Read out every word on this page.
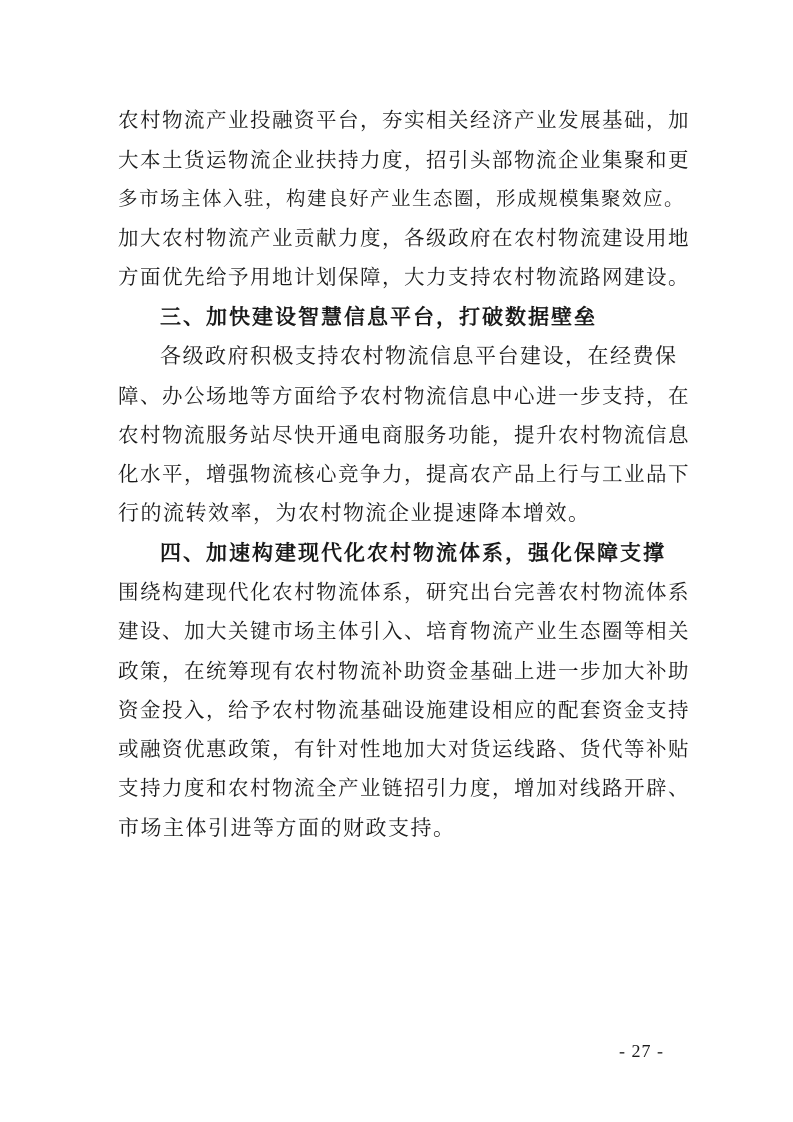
农村物流产业投融资平台，夯实相关经济产业发展基础，加
大本土货运物流企业扶持力度，招引头部物流企业集聚和更
多市场主体入驻，构建良好产业生态圈，形成规模集聚效应。
加大农村物流产业贡献力度，各级政府在农村物流建设用地
方面优先给予用地计划保障，大力支持农村物流路网建设。
三、加快建设智慧信息平台，打破数据壁垒
各级政府积极支持农村物流信息平台建设，在经费保
障、办公场地等方面给予农村物流信息中心进一步支持，在
农村物流服务站尽快开通电商服务功能，提升农村物流信息
化水平，增强物流核心竞争力，提高农产品上行与工业品下
行的流转效率，为农村物流企业提速降本增效。
四、加速构建现代化农村物流体系，强化保障支撑
围绕构建现代化农村物流体系，研究出台完善农村物流体系
建设、加大关键市场主体引入、培育物流产业生态圈等相关
政策，在统筹现有农村物流补助资金基础上进一步加大补助
资金投入，给予农村物流基础设施建设相应的配套资金支持
或融资优惠政策，有针对性地加大对货运线路、货代等补贴
支持力度和农村物流全产业链招引力度，增加对线路开辟、
市场主体引进等方面的财政支持。
- 27 -
